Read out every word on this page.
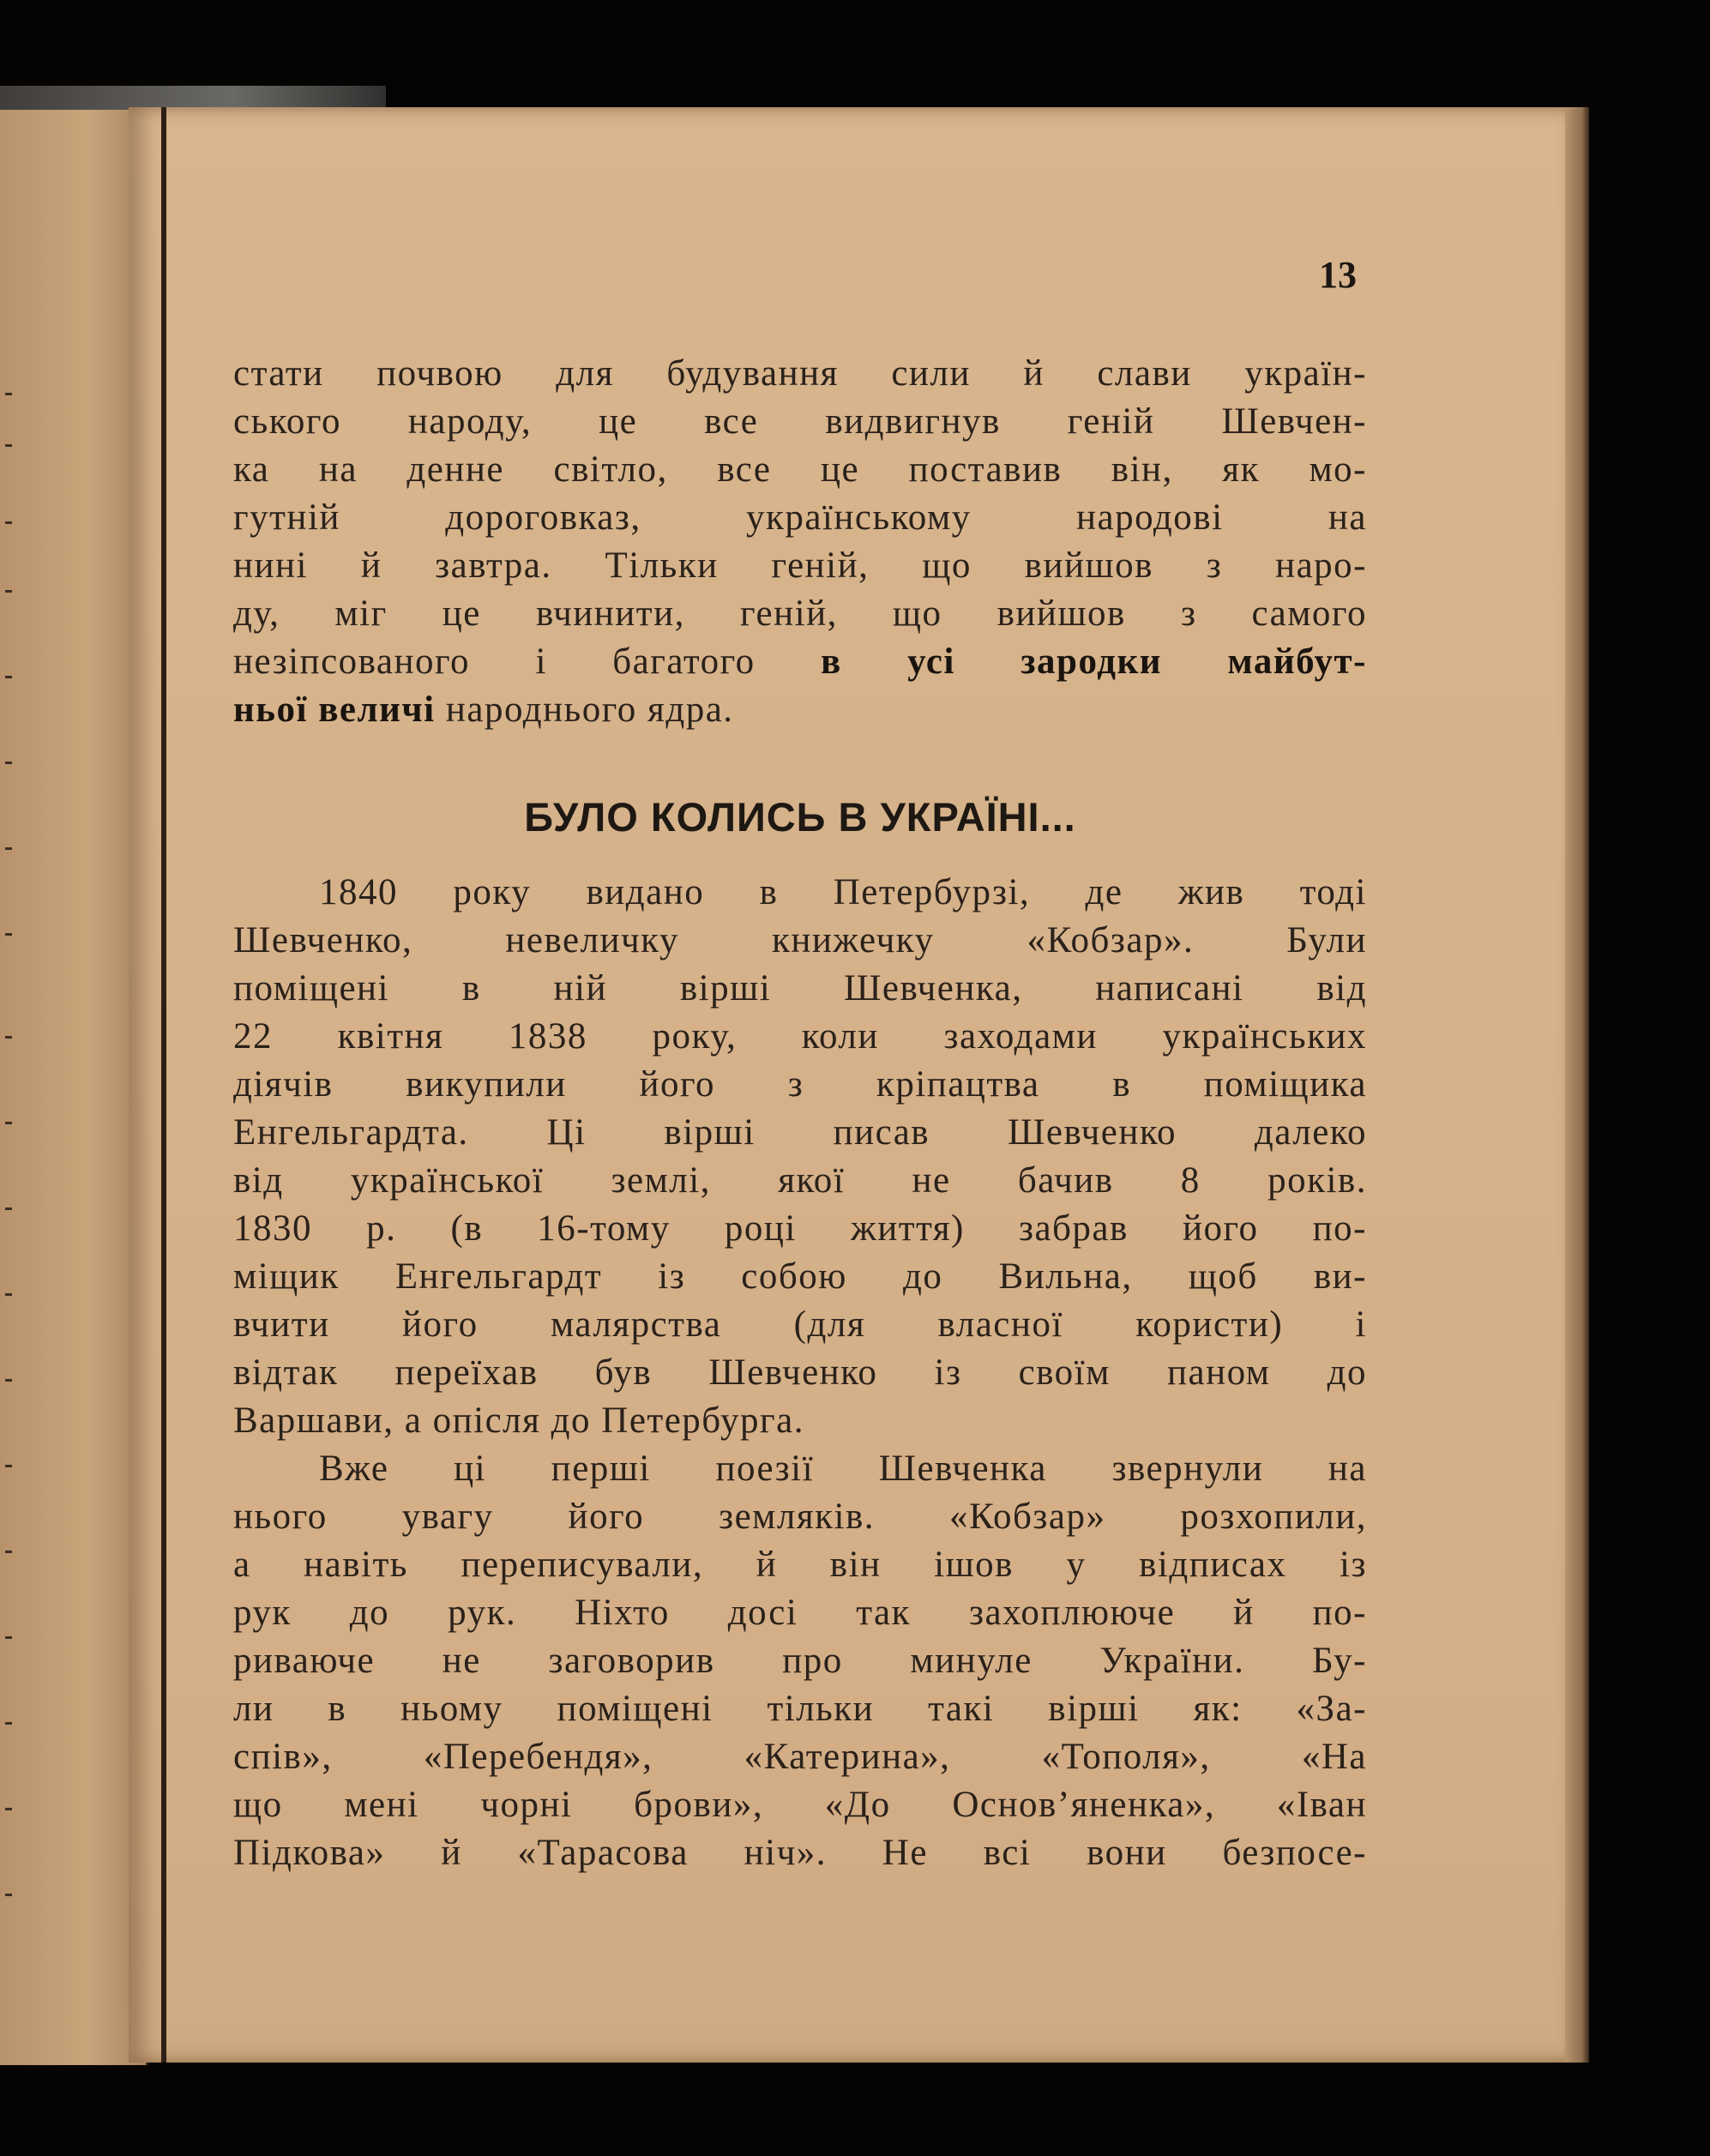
13
стати почвою для будування сили й слави україн-
ського народу, це все видвигнув геній Шевчен-
ка на денне світло, все це поставив він, як мо-
гутній дороговказ, українському народові на
нині й завтра. Тільки геній, що вийшов з наро-
ду, міг це вчинити, геній, що вийшов з самого
незіпсованого і багатого в усі зародки майбут-
ньої величі народнього ядра.
БУЛО КОЛИСЬ В УКРАЇНІ...
1840 року видано в Петербурзі, де жив тоді
Шевченко, невеличку книжечку «Кобзар». Були
поміщені в ній вірші Шевченка, написані від
22 квітня 1838 року, коли заходами українських
діячів викупили його з кріпацтва в поміщика
Енгельгардта. Ці вірші писав Шевченко далеко
від української землі, якої не бачив 8 років.
1830 р. (в 16-тому році життя) забрав його по-
міщик Енгельгардт із собою до Вильна, щоб ви-
вчити його малярства (для власної користи) і
відтак переїхав був Шевченко із своїм паном до
Варшави, а опісля до Петербурга.
Вже ці перші поезії Шевченка звернули на
нього увагу його земляків. «Кобзар» розхопили,
а навіть переписували, й він ішов у відписах із
рук до рук. Ніхто досі так захоплююче й по-
риваюче не заговорив про минуле України. Бу-
ли в ньому поміщені тільки такі вірші як: «За-
спів», «Перебендя», «Катерина», «Тополя», «На
що мені чорні брови», «До Основ’яненка», «Іван
Підкова» й «Тарасова ніч». Не всі вони безпосе-
